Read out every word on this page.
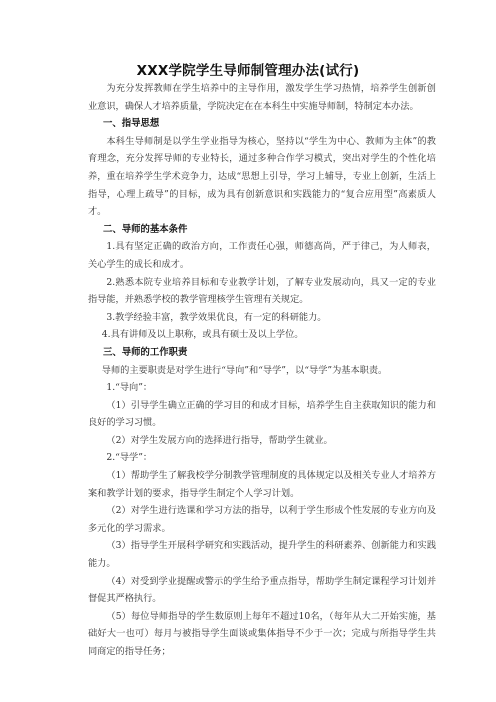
XXX学院学生导师制管理办法(试行)

为充分发挥教师在学生培养中的主导作用，激发学生学习热情，培养学生创新创业意识，确保人才培养质量，学院决定在在本科生中实施导师制，特制定本办法。

一、指导思想

本科生导师制是以学生学业指导为核心，坚持以“学生为中心、教师为主体”的教育理念，充分发挥导师的专业特长，通过多种合作学习模式，突出对学生的个性化培养，重在培养学生学术竞争力，达成“思想上引导，学习上辅导，专业上创新，生活上指导，心理上疏导”的目标，成为具有创新意识和实践能力的“复合应用型”高素质人才。

二、导师的基本条件

1.具有坚定正确的政治方向，工作责任心强，师德高尚，严于律己，为人师表，关心学生的成长和成才。

2.熟悉本院专业培养目标和专业教学计划，了解专业发展动向，具又一定的专业指导能，并熟悉学校的教学管理核学生管理有关规定。

3.教学经验丰富，教学效果优良，有一定的科研能力。

4.具有讲师及以上职称，或具有硕士及以上学位。

三、导师的工作职责

导师的主要职责是对学生进行“导向”和“导学”，以“导学”为基本职责。

1.“导向”：

（1）引导学生确立正确的学习目的和成才目标，培养学生自主获取知识的能力和良好的学习习惯。

（2）对学生发展方向的选择进行指导，帮助学生就业。

2.“导学”：

（1）帮助学生了解我校学分制教学管理制度的具体规定以及相关专业人才培养方案和教学计划的要求，指导学生制定个人学习计划。

（2）对学生进行选课和学习方法的指导，以利于学生形成个性发展的专业方向及多元化的学习需求。

（3）指导学生开展科学研究和实践活动，提升学生的科研素养、创新能力和实践能力。

（4）对受到学业提醒或警示的学生给予重点指导，帮助学生制定课程学习计划并督促其严格执行。

（5）每位导师指导的学生数原则上每年不超过10名，（每年从大二开始实施，基础好大一也可）每月与被指导学生面谈或集体指导不少于一次；完成与所指导学生共同商定的指导任务；
